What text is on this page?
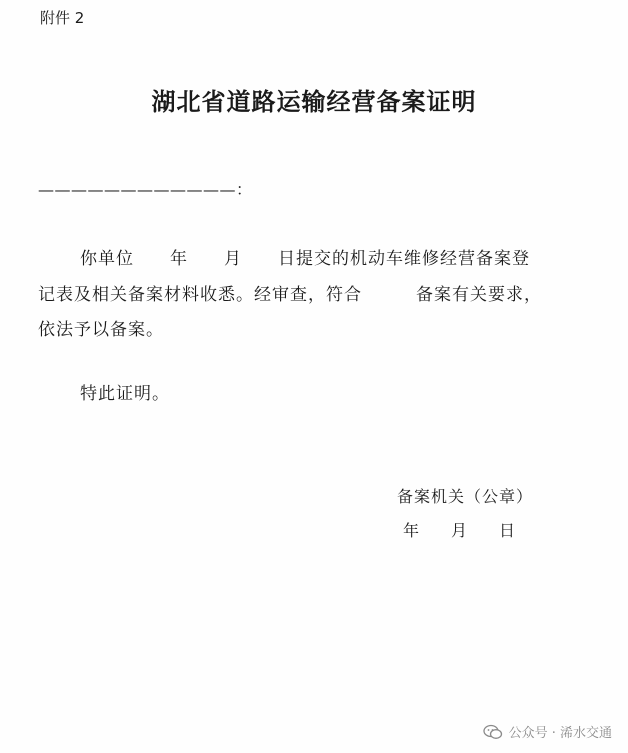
附件 2
湖北省道路运输经营备案证明
————————————：
你单位　　年　　月　　日提交的机动车维修经营备案登
记表及相关备案材料收悉。经审查，符合　　　备案有关要求，
依法予以备案。
特此证明。
备案机关（公章）
年　　月　　日
公众号 · 浠水交通
